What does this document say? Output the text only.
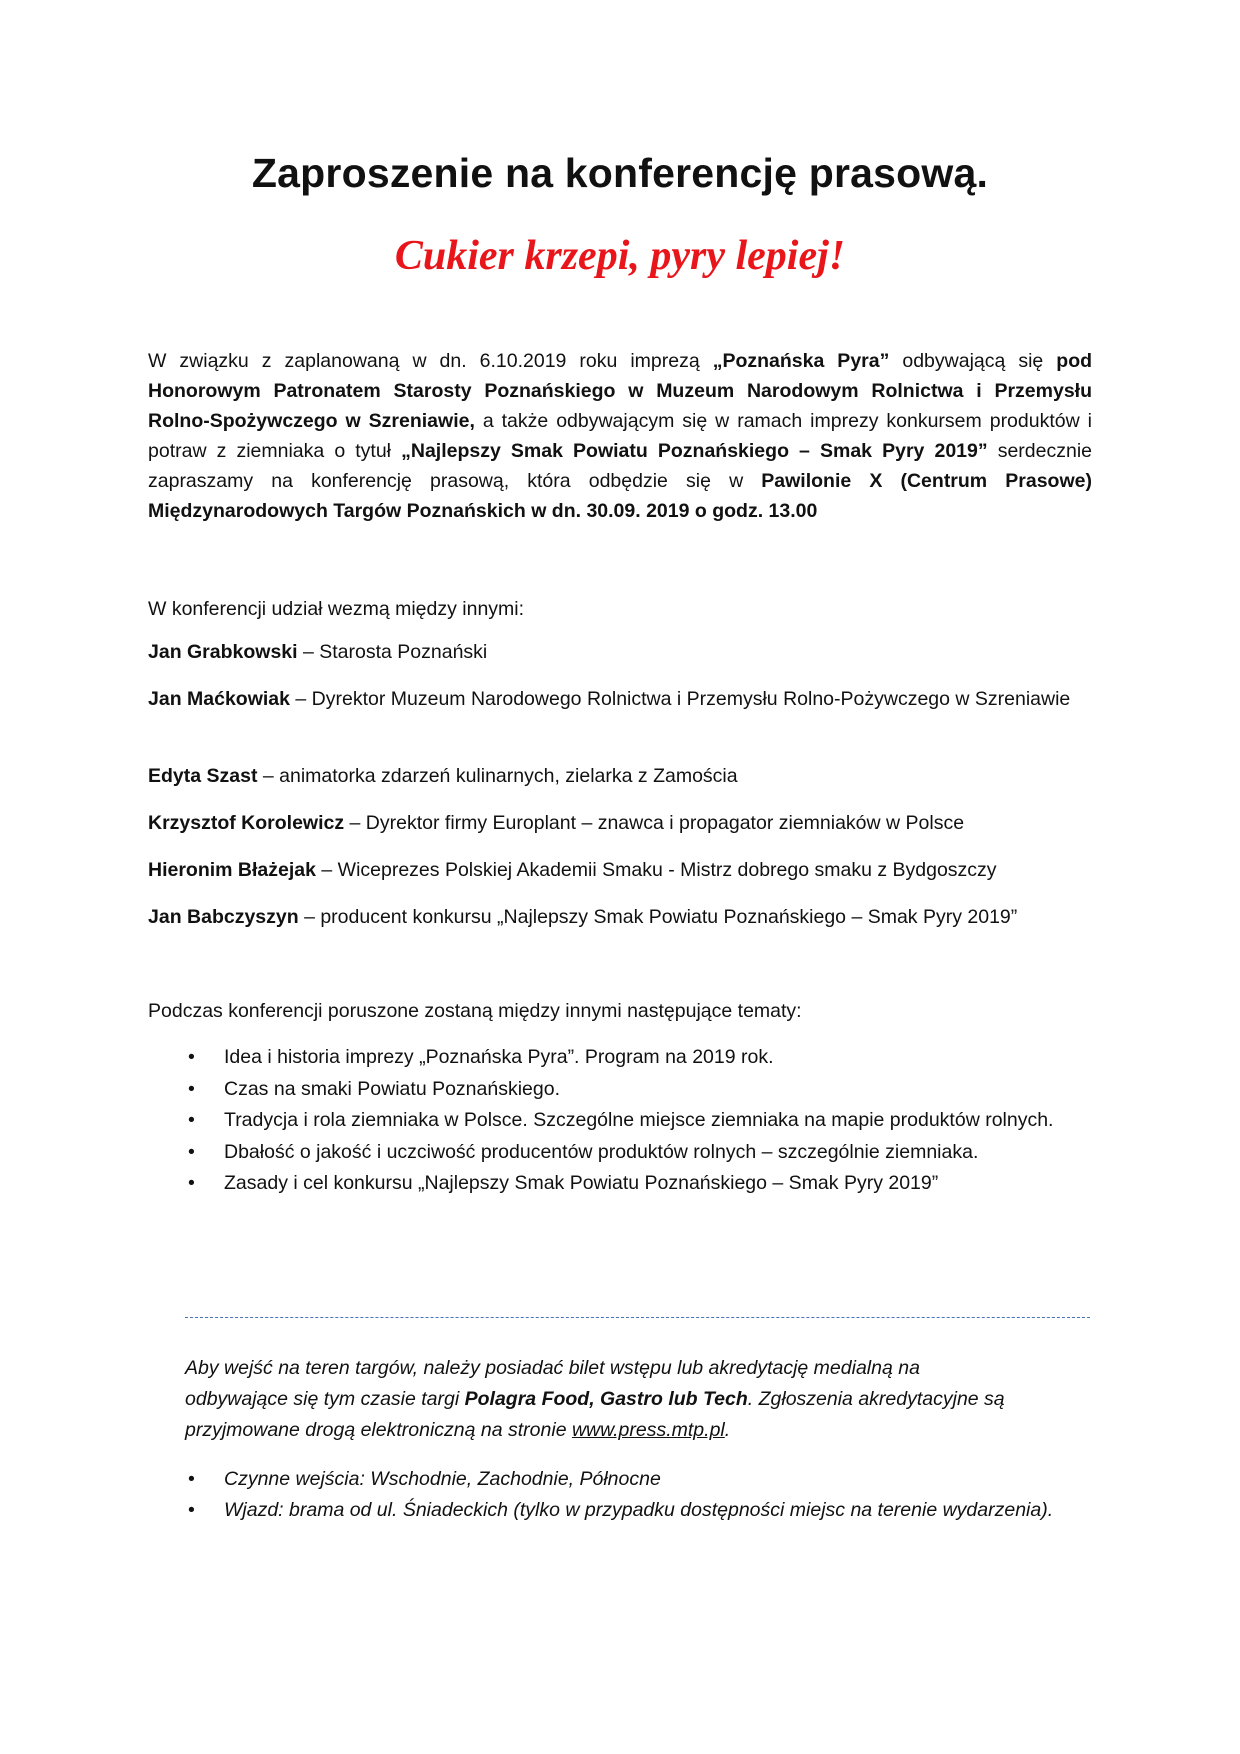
Zaproszenie na konferencję prasową.
Cukier krzepi, pyry lepiej!
W związku z zaplanowaną w dn. 6.10.2019 roku imprezą „Poznańska Pyra” odbywającą się pod Honorowym Patronatem Starosty Poznańskiego w Muzeum Narodowym Rolnictwa i Przemysłu Rolno-Spożywczego w Szreniawie, a także odbywającym się w ramach imprezy konkursem produktów i potraw z ziemniaka o tytuł „Najlepszy Smak Powiatu Poznańskiego – Smak Pyry 2019” serdecznie zapraszamy na konferencję prasową, która odbędzie się w Pawilonie X (Centrum Prasowe) Międzynarodowych Targów Poznańskich w dn. 30.09. 2019 o godz. 13.00
W konferencji udział wezmą między innymi:
Jan Grabkowski – Starosta Poznański
Jan Maćkowiak – Dyrektor Muzeum Narodowego Rolnictwa i Przemysłu Rolno-Pożywczego w Szreniawie
Edyta Szast – animatorka zdarzeń kulinarnych, zielarka z Zamościa
Krzysztof Korolewicz – Dyrektor firmy Europlant – znawca i propagator ziemniaków w Polsce
Hieronim Błażejak – Wiceprezes Polskiej Akademii Smaku - Mistrz dobrego smaku z Bydgoszczy
Jan Babczyszyn – producent konkursu „Najlepszy Smak Powiatu Poznańskiego – Smak Pyry 2019”
Podczas konferencji poruszone zostaną między innymi następujące tematy:
• Idea i historia imprezy „Poznańska Pyra”. Program na 2019 rok.
• Czas na smaki Powiatu Poznańskiego.
• Tradycja i rola ziemniaka w Polsce. Szczególne miejsce ziemniaka na mapie produktów rolnych.
• Dbałość o jakość i uczciwość producentów produktów rolnych – szczególnie ziemniaka.
• Zasady i cel konkursu „Najlepszy Smak Powiatu Poznańskiego – Smak Pyry 2019”
Aby wejść na teren targów, należy posiadać bilet wstępu lub akredytację medialną na odbywające się tym czasie targi Polagra Food, Gastro lub Tech. Zgłoszenia akredytacyjne są przyjmowane drogą elektroniczną na stronie www.press.mtp.pl.
• Czynne wejścia: Wschodnie, Zachodnie, Północne
• Wjazd: brama od ul. Śniadeckich (tylko w przypadku dostępności miejsc na terenie wydarzenia).
